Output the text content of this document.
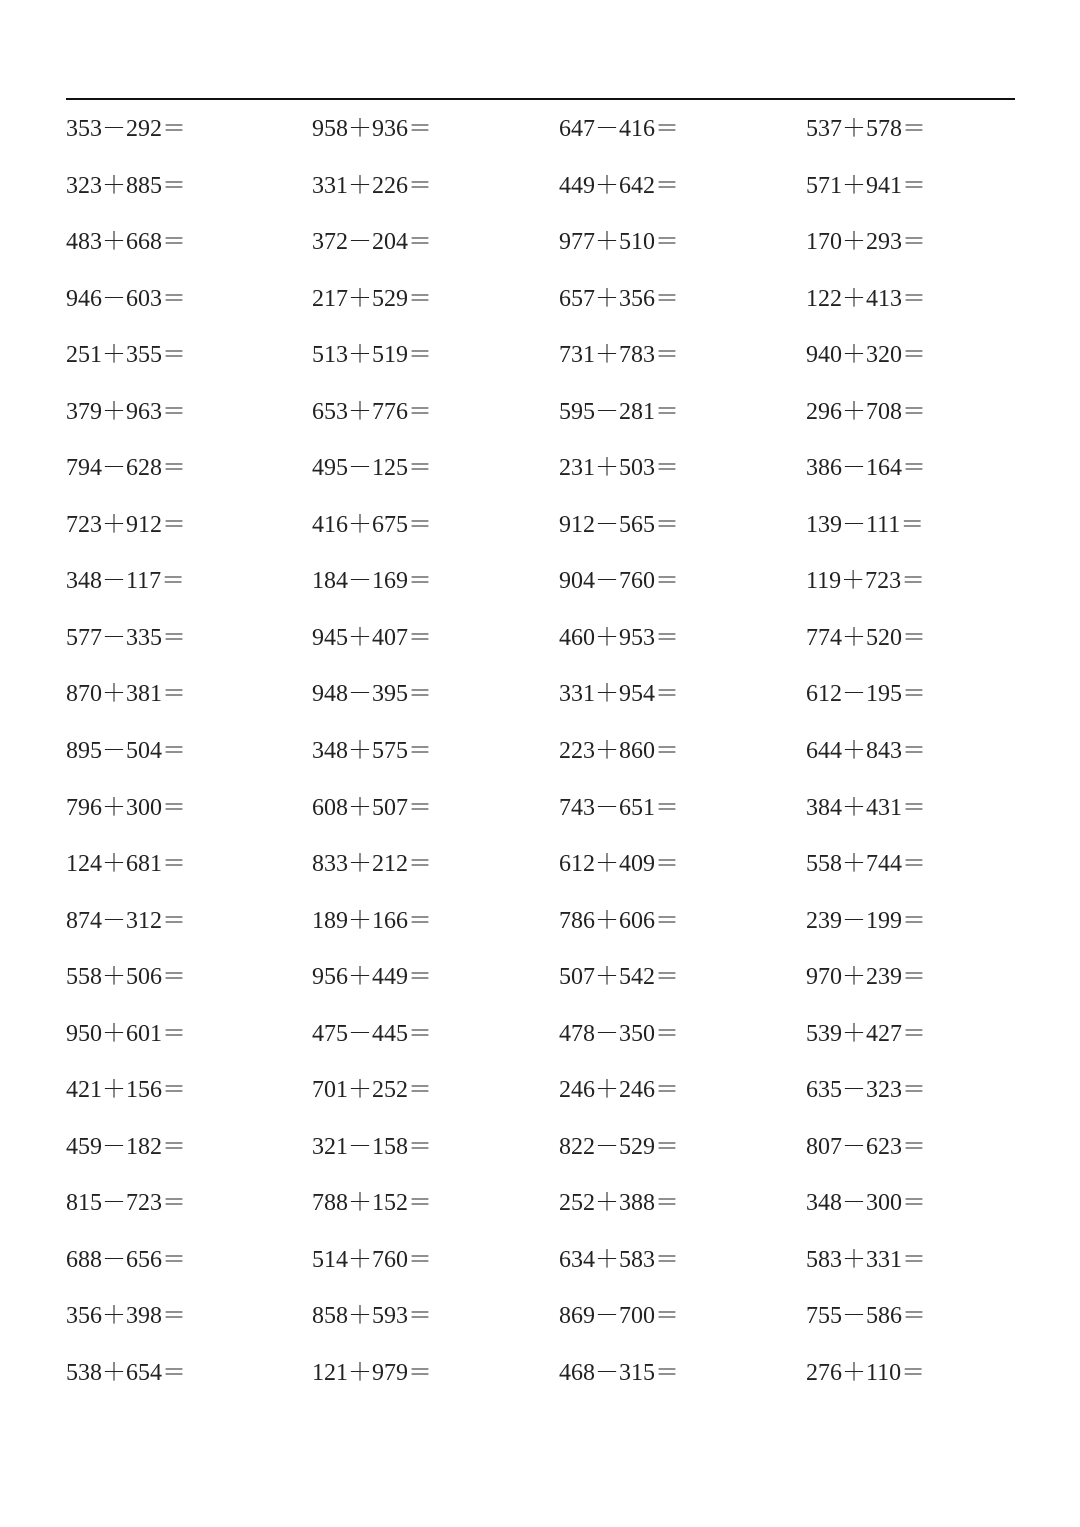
353－292＝	958＋936＝	647－416＝	537＋578＝
323＋885＝	331＋226＝	449＋642＝	571＋941＝
483＋668＝	372－204＝	977＋510＝	170＋293＝
946－603＝	217＋529＝	657＋356＝	122＋413＝
251＋355＝	513＋519＝	731＋783＝	940＋320＝
379＋963＝	653＋776＝	595－281＝	296＋708＝
794－628＝	495－125＝	231＋503＝	386－164＝
723＋912＝	416＋675＝	912－565＝	139－111＝
348－117＝	184－169＝	904－760＝	119＋723＝
577－335＝	945＋407＝	460＋953＝	774＋520＝
870＋381＝	948－395＝	331＋954＝	612－195＝
895－504＝	348＋575＝	223＋860＝	644＋843＝
796＋300＝	608＋507＝	743－651＝	384＋431＝
124＋681＝	833＋212＝	612＋409＝	558＋744＝
874－312＝	189＋166＝	786＋606＝	239－199＝
558＋506＝	956＋449＝	507＋542＝	970＋239＝
950＋601＝	475－445＝	478－350＝	539＋427＝
421＋156＝	701＋252＝	246＋246＝	635－323＝
459－182＝	321－158＝	822－529＝	807－623＝
815－723＝	788＋152＝	252＋388＝	348－300＝
688－656＝	514＋760＝	634＋583＝	583＋331＝
356＋398＝	858＋593＝	869－700＝	755－586＝
538＋654＝	121＋979＝	468－315＝	276＋110＝
